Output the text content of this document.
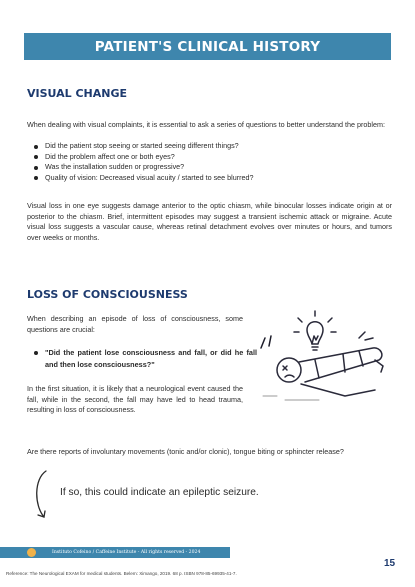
PATIENT'S CLINICAL HISTORY
VISUAL CHANGE
When dealing with visual complaints, it is essential to ask a series of questions to better understand the problem:
Did the patient stop seeing or started seeing different things?
Did the problem affect one or both eyes?
Was the installation sudden or progressive?
Quality of vision: Decreased visual acuity / started to see blurred?
Visual loss in one eye suggests damage anterior to the optic chiasm, while binocular losses indicate origin at or posterior to the chiasm. Brief, intermittent episodes may suggest a transient ischemic attack or migraine. Acute visual loss suggests a vascular cause, whereas retinal detachment evolves over minutes or hours, and tumors over weeks or months.
LOSS OF CONSCIOUSNESS
When describing an episode of loss of consciousness, some questions are crucial:
"Did the patient lose consciousness and fall, or did he fall and then lose consciousness?"
In the first situation, it is likely that a neurological event caused the fall, while in the second, the fall may have led to head trauma, resulting in loss of consciousness.
Are there reports of involuntary movements (tonic and/or clonic), tongue biting or sphincter release?
If so, this could indicate an epileptic seizure.
Instituto Cofeino / Caffeine Institute - All rights reserved - 2024
15
Reference: The Neurological EXAM for medical students. Belem: Ximango, 2019. 68 p. ISBN 978-85-69935-41-7.
